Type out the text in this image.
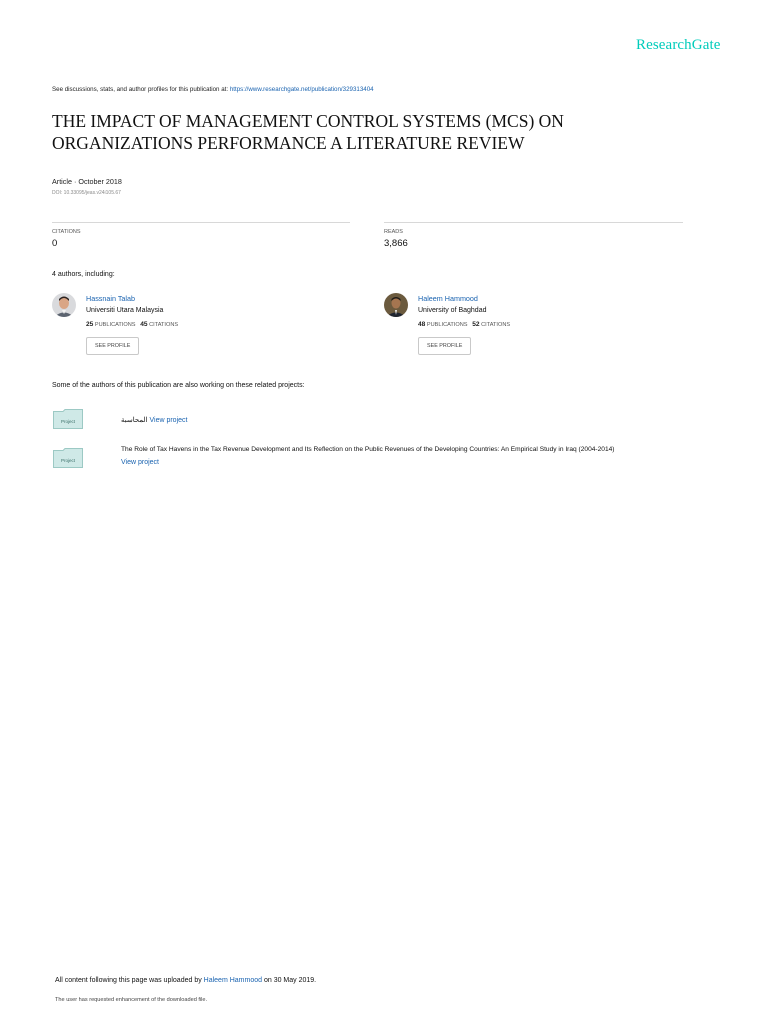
ResearchGate
See discussions, stats, and author profiles for this publication at: https://www.researchgate.net/publication/329313404
THE IMPACT OF MANAGEMENT CONTROL SYSTEMS (MCS) ON ORGANIZATIONS PERFORMANCE A LITERATURE REVIEW
Article · October 2018
DOI: 10.33095/jeas.v24i105.67
CITATIONS
0
READS
3,866
4 authors, including:
Hassnain Talab
Universiti Utara Malaysia
25 PUBLICATIONS 45 CITATIONS
SEE PROFILE
Haleem Hammood
University of Baghdad
48 PUBLICATIONS 52 CITATIONS
SEE PROFILE
Some of the authors of this publication are also working on these related projects:
Project	المحاسبة View project
Project
The Role of Tax Havens in the Tax Revenue Development and Its Reflection on the Public Revenues of the Developing Countries: An Empirical Study in Iraq (2004-2014)
View project
All content following this page was uploaded by Haleem Hammood on 30 May 2019.
The user has requested enhancement of the downloaded file.
